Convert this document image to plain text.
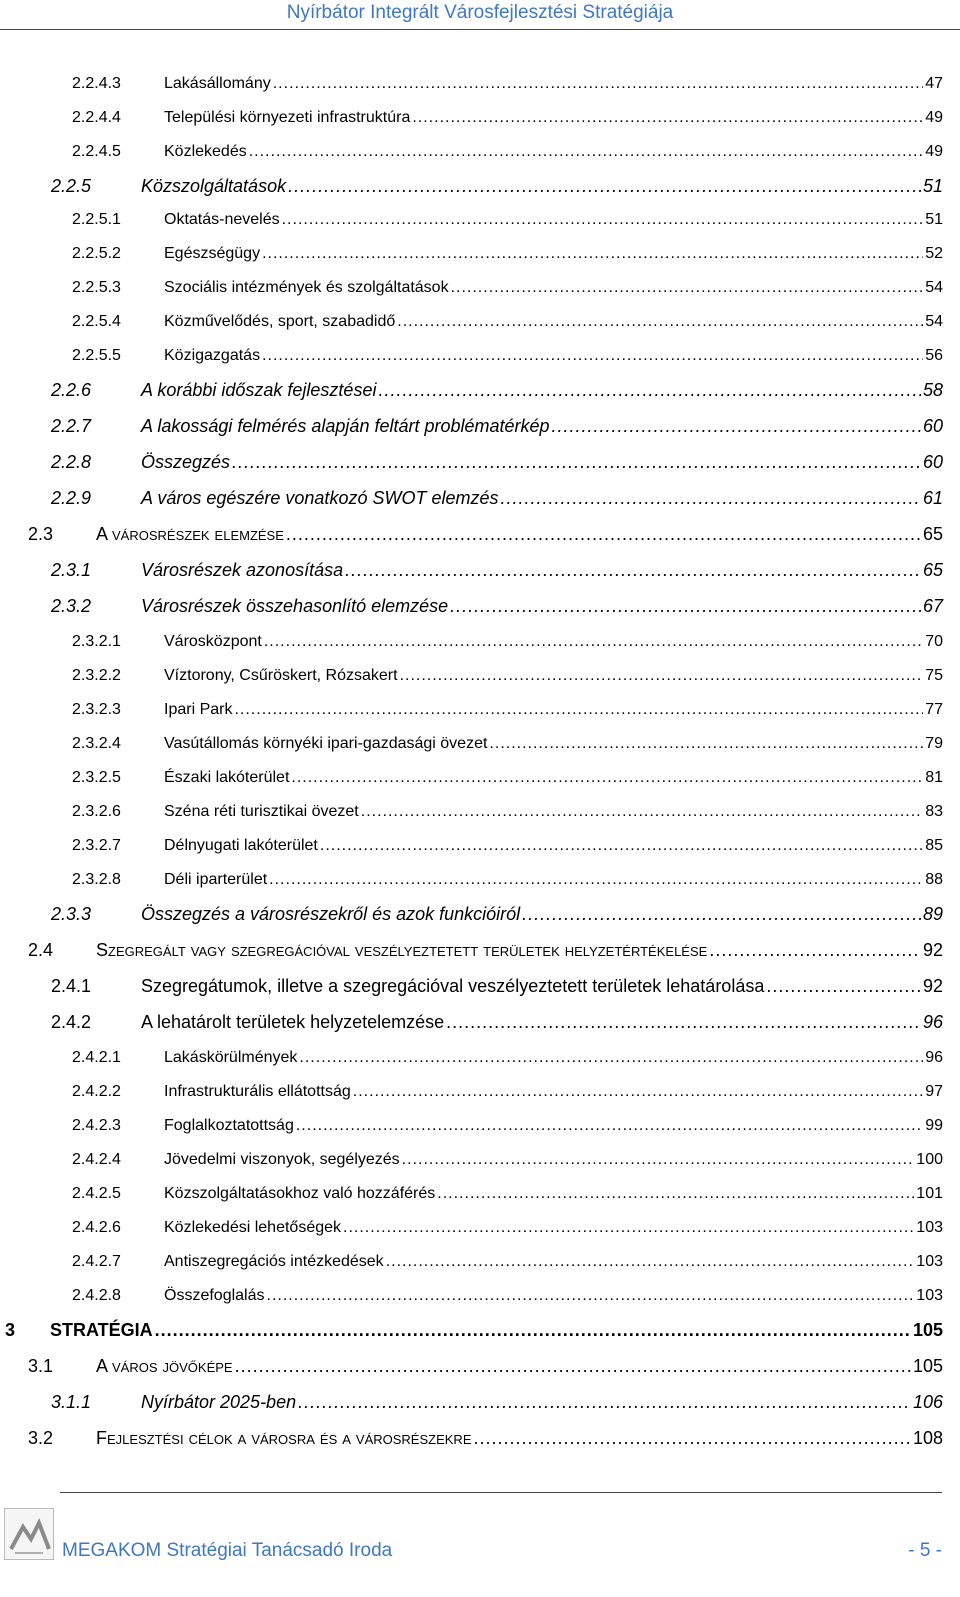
Nyírbátor Integrált Városfejlesztési Stratégiája
2.2.4.3	Lakásállomány .....	47
2.2.4.4	Települési környezeti infrastruktúra .....	49
2.2.4.5	Közlekedés .....	49
2.2.5	Közszolgáltatások .....	51
2.2.5.1	Oktatás-nevelés .....	51
2.2.5.2	Egészségügy .....	52
2.2.5.3	Szociális intézmények és szolgáltatások .....	54
2.2.5.4	Közművelődés, sport, szabadidő .....	54
2.2.5.5	Közigazgatás .....	56
2.2.6	A korábbi időszak fejlesztései .....	58
2.2.7	A lakossági felmérés alapján feltárt problématérkép .....	60
2.2.8	Összegzés .....	60
2.2.9	A város egészére vonatkozó SWOT elemzés .....	61
2.3	A városrészek elemzése .....	65
2.3.1	Városrészek azonosítása .....	65
2.3.2	Városrészek összehasonlító elemzése .....	67
2.3.2.1	Városközpont .....	70
2.3.2.2	Víztorony, Csűröskert, Rózsakert .....	75
2.3.2.3	Ipari Park .....	77
2.3.2.4	Vasútállomás környéki ipari-gazdasági övezet .....	79
2.3.2.5	Északi lakóterület .....	81
2.3.2.6	Széna réti turisztikai övezet .....	83
2.3.2.7	Délnyugati lakóterület .....	85
2.3.2.8	Déli iparterület .....	88
2.3.3	Összegzés a városrészekről és azok funkcióiról .....	89
2.4	Szegregált vagy szegregációval veszélyeztetett területek helyzetértékelése .....	92
2.4.1	Szegregátumok, illetve a szegregációval veszélyeztetett területek lehatárolása .....	92
2.4.2	A lehatárolt területek helyzetelemzése .....	96
2.4.2.1	Lakáskörülmények .....	96
2.4.2.2	Infrastrukturális ellátottság .....	97
2.4.2.3	Foglalkoztatottság .....	99
2.4.2.4	Jövedelmi viszonyok, segélyezés .....	100
2.4.2.5	Közszolgáltatásokhoz való hozzáférés .....	101
2.4.2.6	Közlekedési lehetőségek .....	103
2.4.2.7	Antiszegregációs intézkedések .....	103
2.4.2.8	Összefoglalás .....	103
3	STRATÉGIA .....	105
3.1	A város jövőképe .....	105
3.1.1	Nyírbátor 2025-ben .....	106
3.2	Fejlesztési célok a városra és a városrészekre .....	108
MEGAKOM Stratégiai Tanácsadó Iroda	- 5 -
